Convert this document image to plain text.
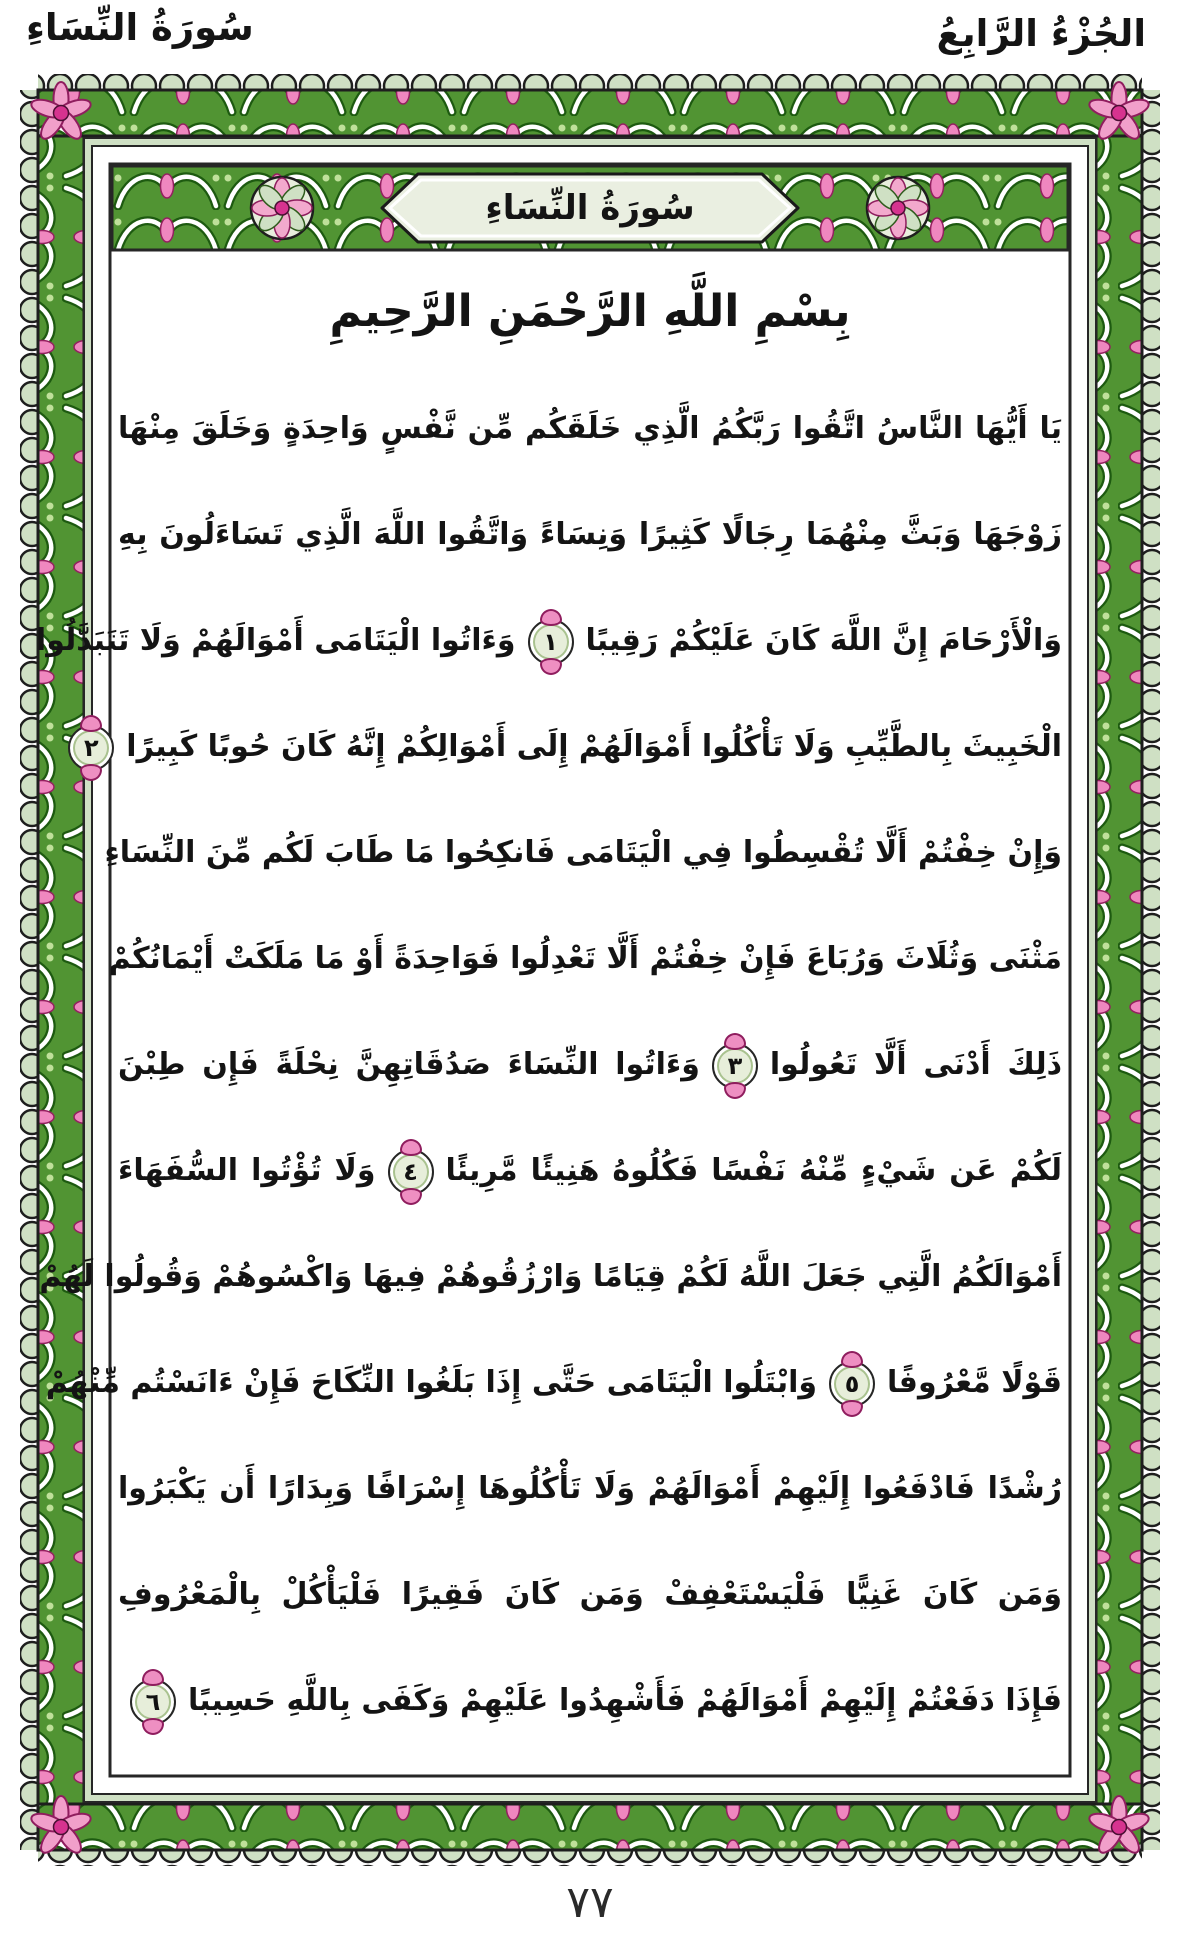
الجُزْءُ الرَّابِعُ
سُورَةُ النِّسَاءِ
سُورَةُ النِّسَاءِ
بِسْمِ اللَّهِ الرَّحْمَنِ الرَّحِيمِ
يَا أَيُّهَا النَّاسُ اتَّقُوا رَبَّكُمُ الَّذِي خَلَقَكُم مِّن نَّفْسٍ وَاحِدَةٍ وَخَلَقَ مِنْهَا
زَوْجَهَا وَبَثَّ مِنْهُمَا رِجَالًا كَثِيرًا وَنِسَاءً وَاتَّقُوا اللَّهَ الَّذِي تَسَاءَلُونَ بِهِ
وَالْأَرْحَامَ إِنَّ اللَّهَ كَانَ عَلَيْكُمْ رَقِيبًا١وَءَاتُوا الْيَتَامَى أَمْوَالَهُمْ وَلَا تَتَبَدَّلُوا
الْخَبِيثَ بِالطَّيِّبِ وَلَا تَأْكُلُوا أَمْوَالَهُمْ إِلَى أَمْوَالِكُمْ إِنَّهُ كَانَ حُوبًا كَبِيرًا٢
وَإِنْ خِفْتُمْ أَلَّا تُقْسِطُوا فِي الْيَتَامَى فَانكِحُوا مَا طَابَ لَكُم مِّنَ النِّسَاءِ
مَثْنَى وَثُلَاثَ وَرُبَاعَ فَإِنْ خِفْتُمْ أَلَّا تَعْدِلُوا فَوَاحِدَةً أَوْ مَا مَلَكَتْ أَيْمَانُكُمْ
ذَلِكَ أَدْنَى أَلَّا تَعُولُوا٣وَءَاتُوا النِّسَاءَ صَدُقَاتِهِنَّ نِحْلَةً فَإِن طِبْنَ
لَكُمْ عَن شَيْءٍ مِّنْهُ نَفْسًا فَكُلُوهُ هَنِيئًا مَّرِيئًا٤وَلَا تُؤْتُوا السُّفَهَاءَ
أَمْوَالَكُمُ الَّتِي جَعَلَ اللَّهُ لَكُمْ قِيَامًا وَارْزُقُوهُمْ فِيهَا وَاكْسُوهُمْ وَقُولُوا لَهُمْ
قَوْلًا مَّعْرُوفًا٥وَابْتَلُوا الْيَتَامَى حَتَّى إِذَا بَلَغُوا النِّكَاحَ فَإِنْ ءَانَسْتُم مِّنْهُمْ
رُشْدًا فَادْفَعُوا إِلَيْهِمْ أَمْوَالَهُمْ وَلَا تَأْكُلُوهَا إِسْرَافًا وَبِدَارًا أَن يَكْبَرُوا
وَمَن كَانَ غَنِيًّا فَلْيَسْتَعْفِفْ وَمَن كَانَ فَقِيرًا فَلْيَأْكُلْ بِالْمَعْرُوفِ
فَإِذَا دَفَعْتُمْ إِلَيْهِمْ أَمْوَالَهُمْ فَأَشْهِدُوا عَلَيْهِمْ وَكَفَى بِاللَّهِ حَسِيبًا٦
٧٧
